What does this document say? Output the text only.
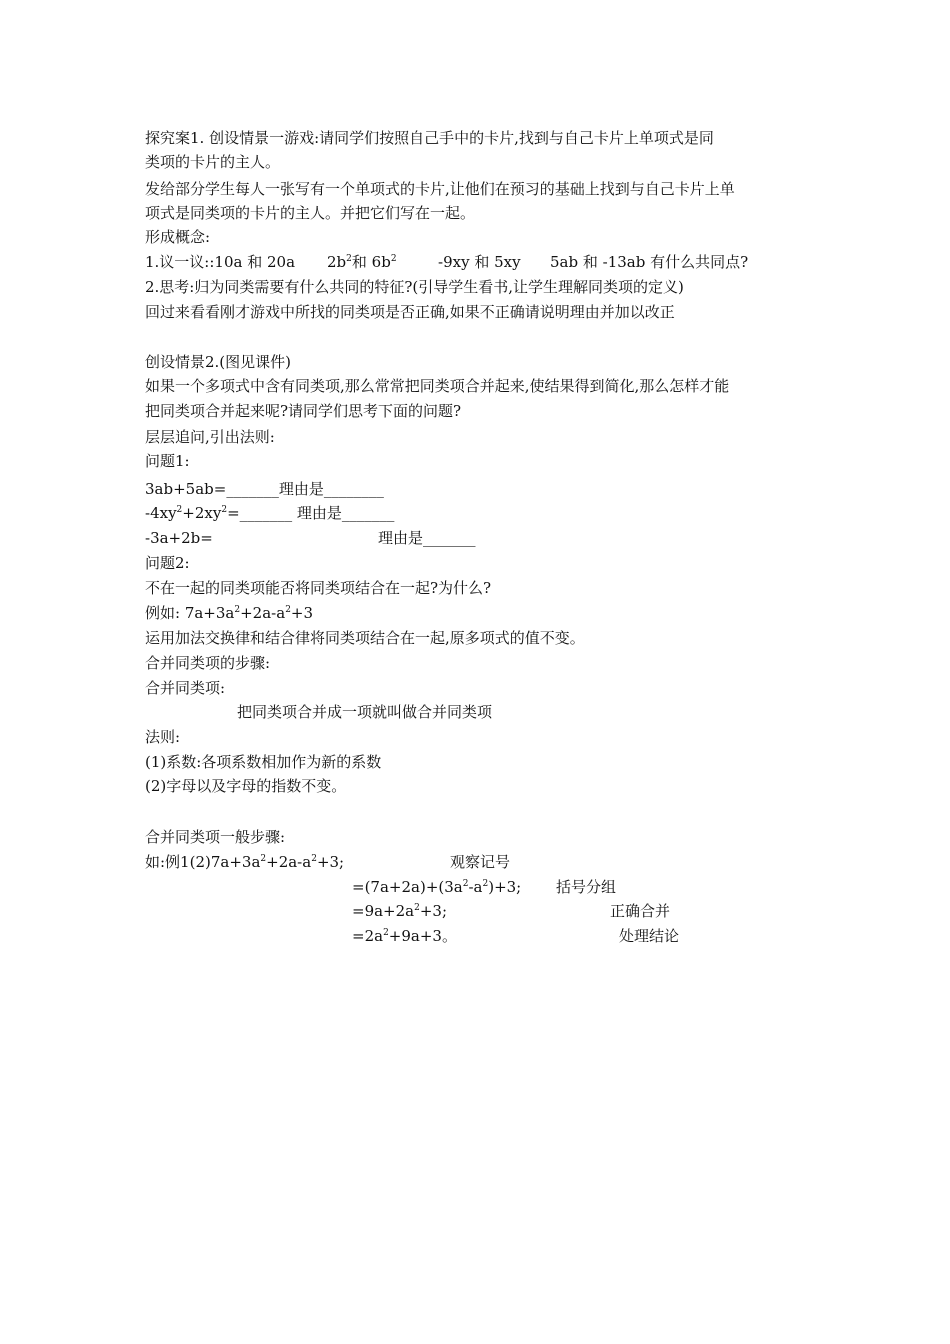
探究案1. 创设情景一游戏:请同学们按照自己手中的卡片,找到与自己卡片上单项式是同

类项的卡片的主人。

发给部分学生每人一张写有一个单项式的卡片,让他们在预习的基础上找到与自己卡片上单

项式是同类项的卡片的主人。并把它们写在一起。

形成概念:

1.议一议::10a 和 20a $2b^2$和 $6b^2$	-9xy 和 5xy 5ab 和 -13ab 有什么共同点?

2.思考:归为同类需要有什么共同的特征?(引导学生看书,让学生理解同类项的定义)

回过来看看刚才游戏中所找的同类项是否正确,如果不正确请说明理由并加以改正

创设情景2.(图见课件)

如果一个多项式中含有同类项,那么常常把同类项合并起来,使结果得到简化,那么怎样才能

把同类项合并起来呢?请同学们思考下面的问题?

层层追问,引出法则:

问题1:

3ab+5ab=_______理由是________

$-4xy^2+2xy^2=\_\_\_\_\_\_\_$ 理由是_______
-3a+2b=	理由是_______

问题2:

不在一起的同类项能否将同类项结合在一起?为什么?

例如: $7a+3a^2+2a-a^2+3$

运用加法交换律和结合律将同类项结合在一起,原多项式的值不变。

合并同类项的步骤:

合并同类项:

把同类项合并成一项就叫做合并同类项

法则:

(1)系数:各项系数相加作为新的系数

(2)字母以及字母的指数不变。

合并同类项一般步骤:

如:例$1(2)7a+3a^2+2a-a^2+3$;	观察记号
$=(7a+2a)+(3a^2-a^2)+3$; 括号分组
$=9a+2a^2+3$;	正确合并
$=2a^2+9a+3$。	处理结论
